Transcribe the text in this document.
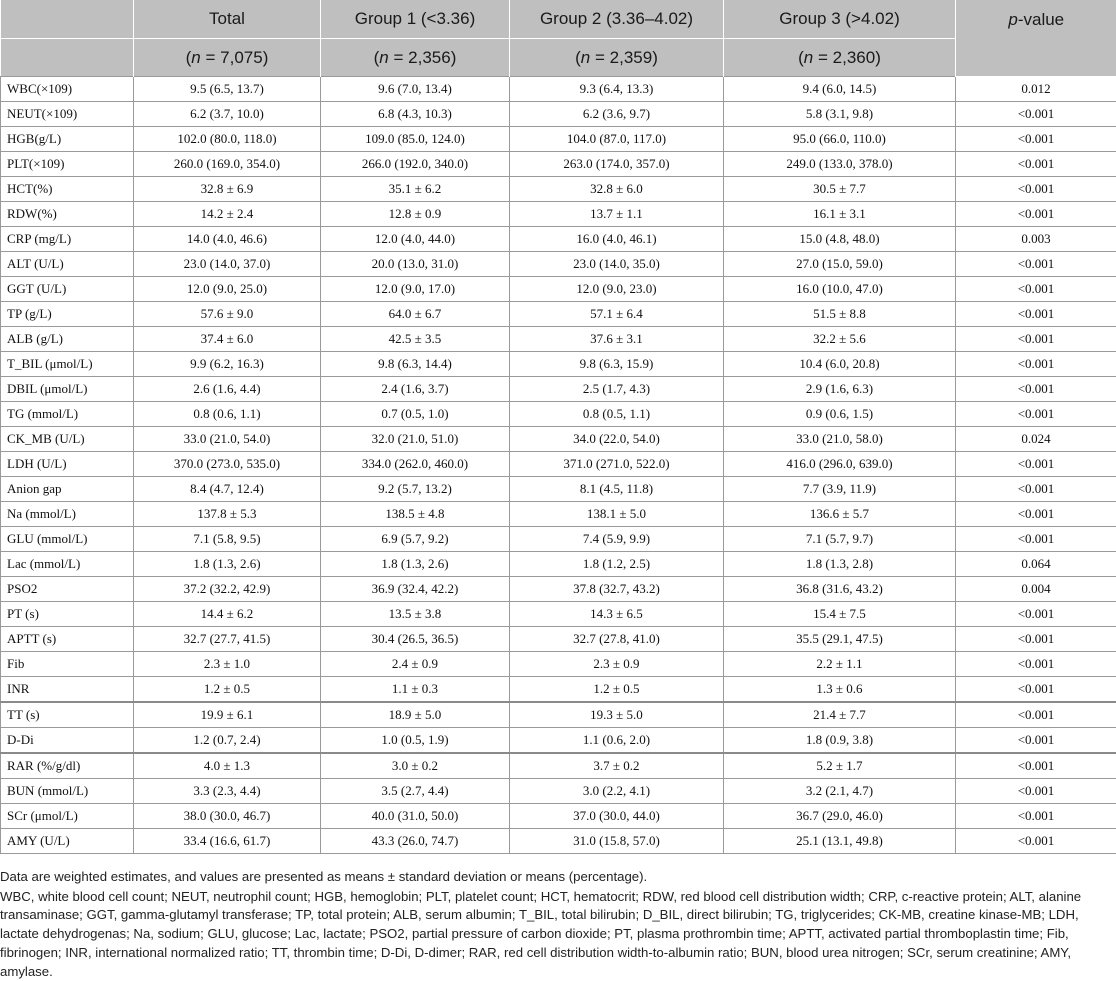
	Total	Group 1 (<3.36)	Group 2 (3.36–4.02)	Group 3 (>4.02)	p-value
	(n = 7,075)	(n = 2,356)	(n = 2,359)	(n = 2,360)	
WBC(×109)	9.5 (6.5, 13.7)	9.6 (7.0, 13.4)	9.3 (6.4, 13.3)	9.4 (6.0, 14.5)	0.012
NEUT(×109)	6.2 (3.7, 10.0)	6.8 (4.3, 10.3)	6.2 (3.6, 9.7)	5.8 (3.1, 9.8)	<0.001
HGB(g/L)	102.0 (80.0, 118.0)	109.0 (85.0, 124.0)	104.0 (87.0, 117.0)	95.0 (66.0, 110.0)	<0.001
PLT(×109)	260.0 (169.0, 354.0)	266.0 (192.0, 340.0)	263.0 (174.0, 357.0)	249.0 (133.0, 378.0)	<0.001
HCT(%)	32.8 ± 6.9	35.1 ± 6.2	32.8 ± 6.0	30.5 ± 7.7	<0.001
RDW(%)	14.2 ± 2.4	12.8 ± 0.9	13.7 ± 1.1	16.1 ± 3.1	<0.001
CRP (mg/L)	14.0 (4.0, 46.6)	12.0 (4.0, 44.0)	16.0 (4.0, 46.1)	15.0 (4.8, 48.0)	0.003
ALT (U/L)	23.0 (14.0, 37.0)	20.0 (13.0, 31.0)	23.0 (14.0, 35.0)	27.0 (15.0, 59.0)	<0.001
GGT (U/L)	12.0 (9.0, 25.0)	12.0 (9.0, 17.0)	12.0 (9.0, 23.0)	16.0 (10.0, 47.0)	<0.001
TP (g/L)	57.6 ± 9.0	64.0 ± 6.7	57.1 ± 6.4	51.5 ± 8.8	<0.001
ALB (g/L)	37.4 ± 6.0	42.5 ± 3.5	37.6 ± 3.1	32.2 ± 5.6	<0.001
T_BIL (μmol/L)	9.9 (6.2, 16.3)	9.8 (6.3, 14.4)	9.8 (6.3, 15.9)	10.4 (6.0, 20.8)	<0.001
DBIL (μmol/L)	2.6 (1.6, 4.4)	2.4 (1.6, 3.7)	2.5 (1.7, 4.3)	2.9 (1.6, 6.3)	<0.001
TG (mmol/L)	0.8 (0.6, 1.1)	0.7 (0.5, 1.0)	0.8 (0.5, 1.1)	0.9 (0.6, 1.5)	<0.001
CK_MB (U/L)	33.0 (21.0, 54.0)	32.0 (21.0, 51.0)	34.0 (22.0, 54.0)	33.0 (21.0, 58.0)	0.024
LDH (U/L)	370.0 (273.0, 535.0)	334.0 (262.0, 460.0)	371.0 (271.0, 522.0)	416.0 (296.0, 639.0)	<0.001
Anion gap	8.4 (4.7, 12.4)	9.2 (5.7, 13.2)	8.1 (4.5, 11.8)	7.7 (3.9, 11.9)	<0.001
Na (mmol/L)	137.8 ± 5.3	138.5 ± 4.8	138.1 ± 5.0	136.6 ± 5.7	<0.001
GLU (mmol/L)	7.1 (5.8, 9.5)	6.9 (5.7, 9.2)	7.4 (5.9, 9.9)	7.1 (5.7, 9.7)	<0.001
Lac (mmol/L)	1.8 (1.3, 2.6)	1.8 (1.3, 2.6)	1.8 (1.2, 2.5)	1.8 (1.3, 2.8)	0.064
PSO2	37.2 (32.2, 42.9)	36.9 (32.4, 42.2)	37.8 (32.7, 43.2)	36.8 (31.6, 43.2)	0.004
PT (s)	14.4 ± 6.2	13.5 ± 3.8	14.3 ± 6.5	15.4 ± 7.5	<0.001
APTT (s)	32.7 (27.7, 41.5)	30.4 (26.5, 36.5)	32.7 (27.8, 41.0)	35.5 (29.1, 47.5)	<0.001
Fib	2.3 ± 1.0	2.4 ± 0.9	2.3 ± 0.9	2.2 ± 1.1	<0.001
INR	1.2 ± 0.5	1.1 ± 0.3	1.2 ± 0.5	1.3 ± 0.6	<0.001
TT (s)	19.9 ± 6.1	18.9 ± 5.0	19.3 ± 5.0	21.4 ± 7.7	<0.001
D-Di	1.2 (0.7, 2.4)	1.0 (0.5, 1.9)	1.1 (0.6, 2.0)	1.8 (0.9, 3.8)	<0.001
RAR (%/g/dl)	4.0 ± 1.3	3.0 ± 0.2	3.7 ± 0.2	5.2 ± 1.7	<0.001
BUN (mmol/L)	3.3 (2.3, 4.4)	3.5 (2.7, 4.4)	3.0 (2.2, 4.1)	3.2 (2.1, 4.7)	<0.001
SCr (μmol/L)	38.0 (30.0, 46.7)	40.0 (31.0, 50.0)	37.0 (30.0, 44.0)	36.7 (29.0, 46.0)	<0.001
AMY (U/L)	33.4 (16.6, 61.7)	43.3 (26.0, 74.7)	31.0 (15.8, 57.0)	25.1 (13.1, 49.8)	<0.001

Data are weighted estimates, and values are presented as means ± standard deviation or means (percentage).

WBC, white blood cell count; NEUT, neutrophil count; HGB, hemoglobin; PLT, platelet count; HCT, hematocrit; RDW, red blood cell distribution width; CRP, c-reactive protein; ALT, alanine transaminase; GGT, gamma-glutamyl transferase; TP, total protein; ALB, serum albumin; T_BIL, total bilirubin; D_BIL, direct bilirubin; TG, triglycerides; CK-MB, creatine kinase-MB; LDH, lactate dehydrogenas; Na, sodium; GLU, glucose; Lac, lactate; PSO2, partial pressure of carbon dioxide; PT, plasma prothrombin time; APTT, activated partial thromboplastin time; Fib, fibrinogen; INR, international normalized ratio; TT, thrombin time; D-Di, D-dimer; RAR, red cell distribution width-to-albumin ratio; BUN, blood urea nitrogen; SCr, serum creatinine; AMY, amylase.
